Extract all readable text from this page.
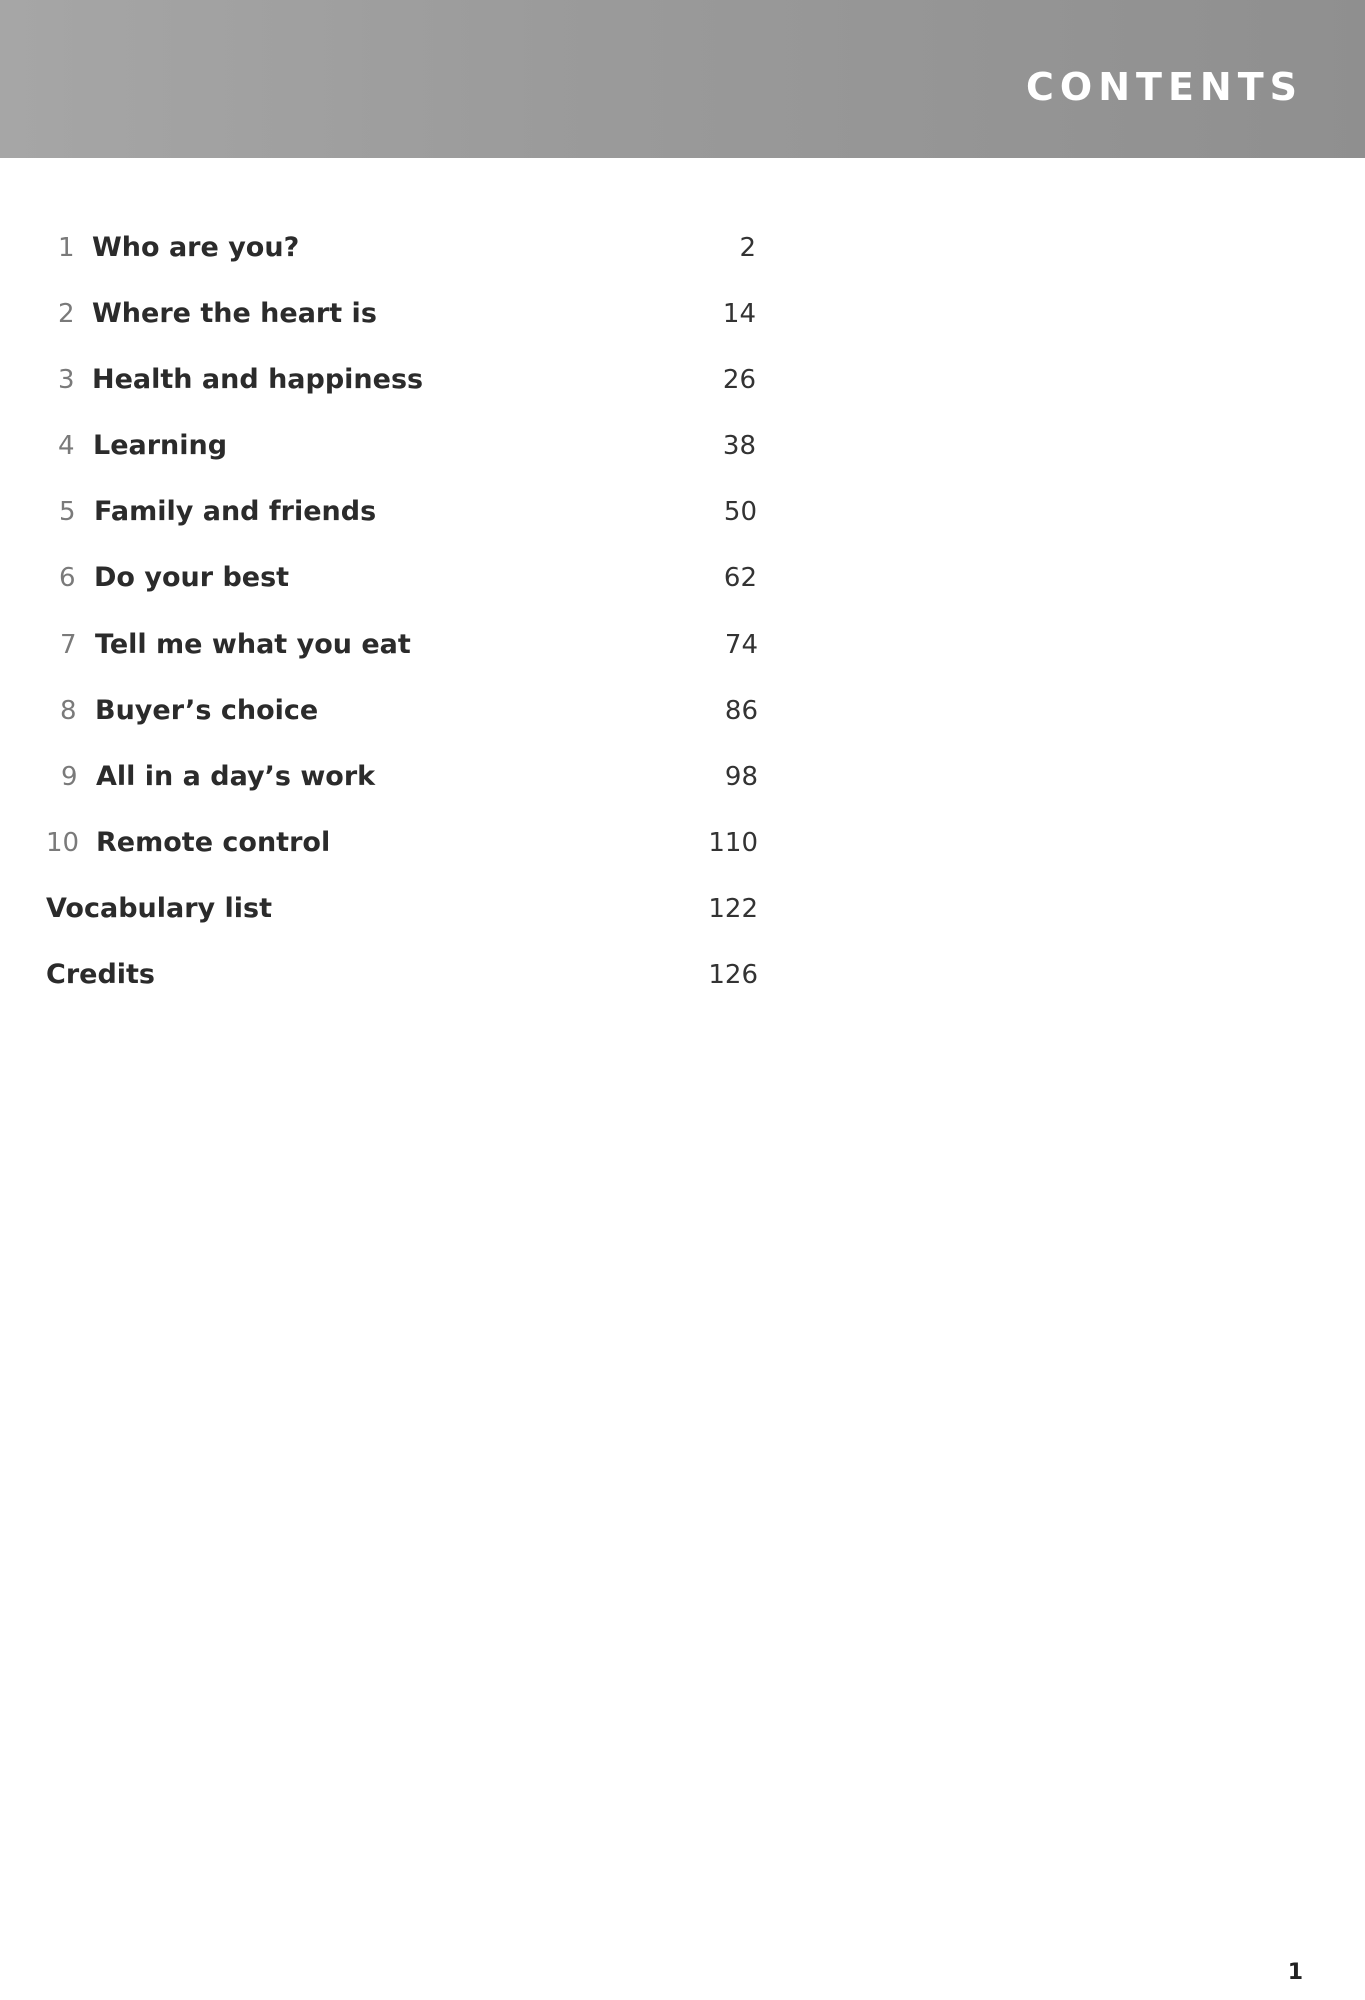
CONTENTS
1 Who are you?	2
2 Where the heart is	14
3 Health and happiness	26
4 Learning	38
5 Family and friends	50
6 Do your best	62
7 Tell me what you eat	74
8 Buyer’s choice	86
9 All in a day’s work	98
10 Remote control	110
Vocabulary list	122
Credits	126
1
